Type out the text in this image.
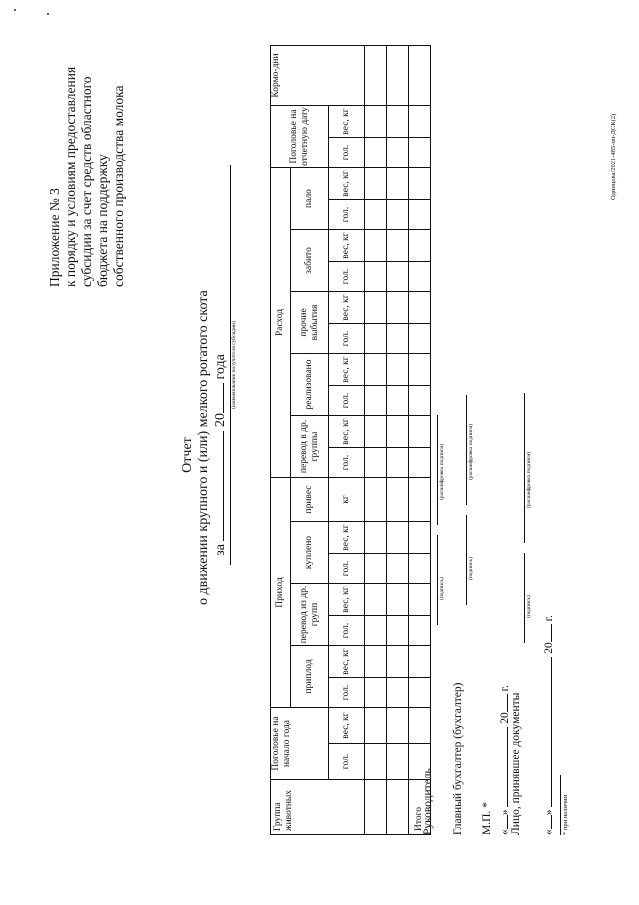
Приложение № 3 к порядку и условиям предоставления субсидии за счет средств областного бюджета на поддержку собственного производства молока
Отчет о движении крупного и (или) мелкого рогатого скота за  20 года (наименование получателя субсидии)
Группа животных	Поголовье на начало года		Приход							Расход										Поголовье на отчетную дату		Кормо-дни
			приплод		перевод из др. групп		куплено		привес	перевод в др. группы		реализовано		прочие выбытия		забито		пало				
	гол.	вес, кг	гол.	вес, кг	гол.	вес, кг	гол.	вес, кг	кг	гол.	вес, кг	гол.	вес, кг	гол.	вес, кг	гол.	вес, кг	гол.	вес, кг	гол.	вес, кг	

Итого																						
Руководитель
(подпись)
(расшифровка подписи)
Главный бухгалтер (бухгалтер)
(подпись)
(расшифровка подписи)
М.П. * «»  20 г.
Лицо, принявшее документы
(подпись)
(расшифровка подписи)
«»  20 г.
* при наличии
Одинцова/2021-485-пп-ДСК(2)
